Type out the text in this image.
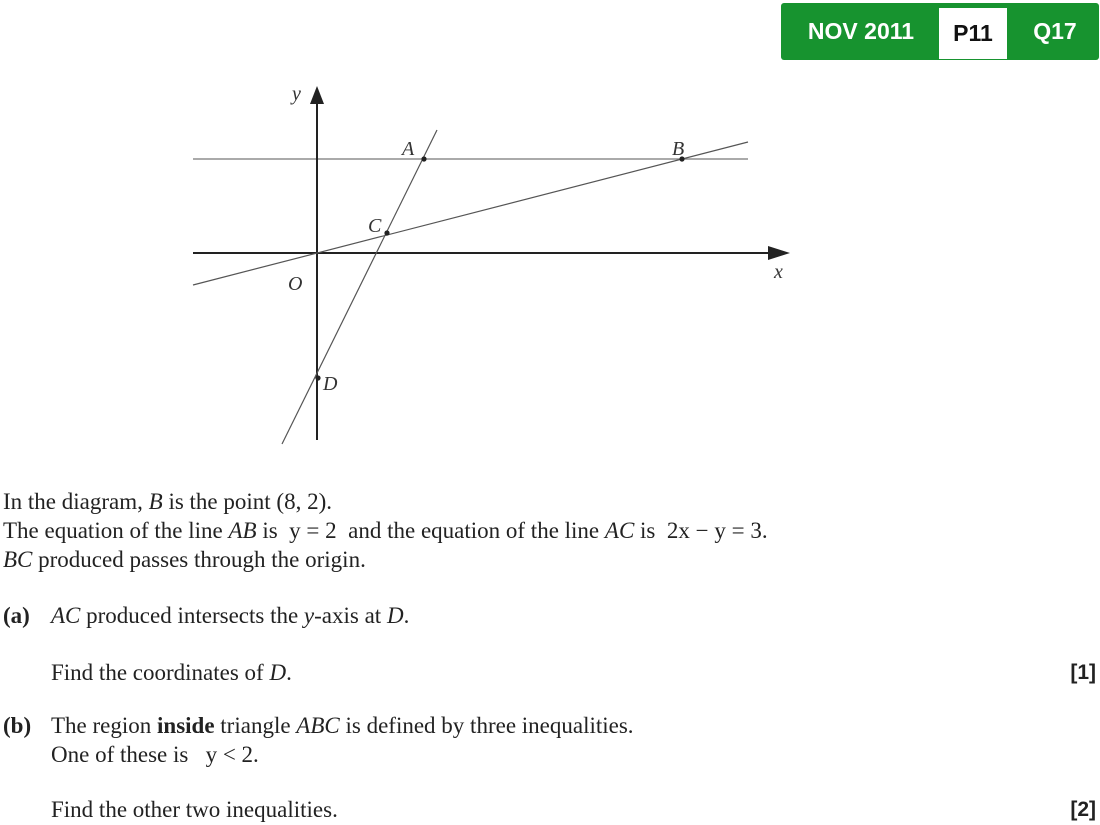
NOV 2011	P11	Q17
y
x
O
A	B
C
D
In the diagram, B is the point (8, 2).
The equation of the line AB is  y = 2  and the equation of the line AC is  2x − y = 3.
BC produced passes through the origin.
(a) AC produced intersects the y-axis at D.
Find the coordinates of D.	[1]
(b) The region inside triangle ABC is defined by three inequalities.
One of these is   y < 2.
Find the other two inequalities.	[2]
